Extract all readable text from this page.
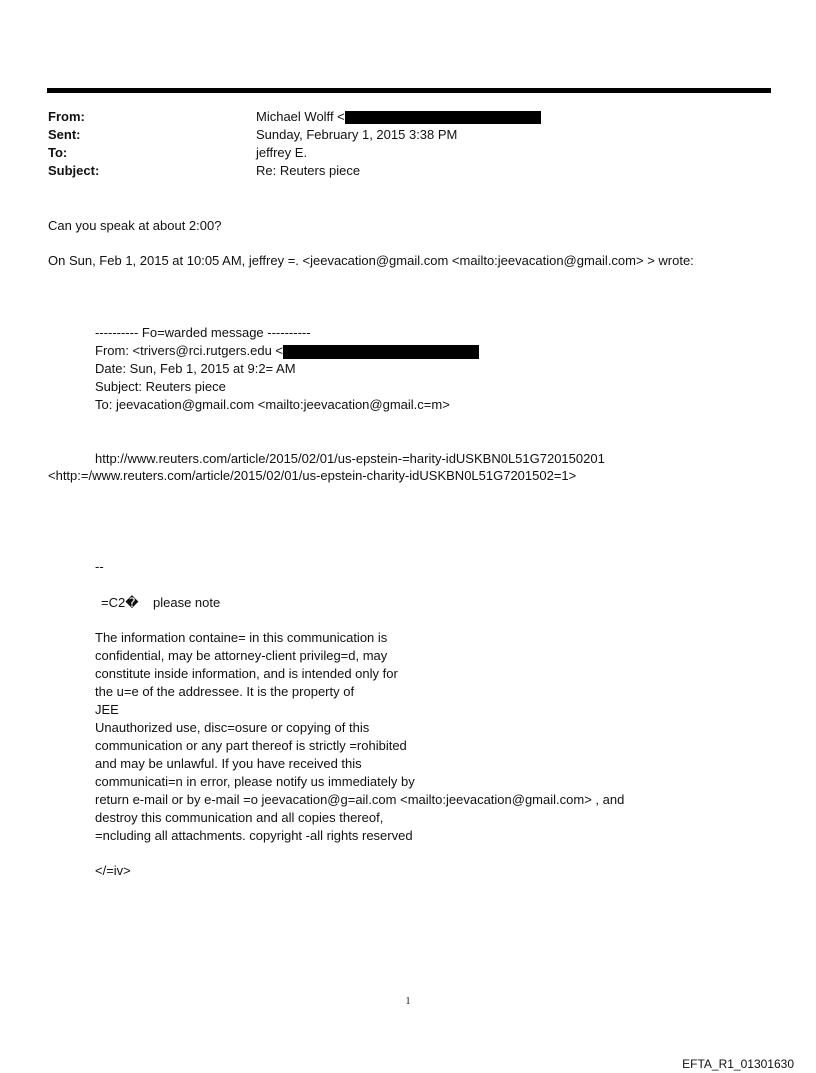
From:	Michael Wolff <
Sent:	Sunday, February 1, 2015 3:38 PM
To:	jeffrey E.
Subject:	Re: Reuters piece
Can you speak at about 2:00?
On Sun, Feb 1, 2015 at 10:05 AM, jeffrey =. <jeevacation@gmail.com <mailto:jeevacation@gmail.com> > wrote:
---------- Fo=warded message ----------
From: <trivers@rci.rutgers.edu <
Date: Sun, Feb 1, 2015 at 9:2= AM
Subject: Reuters piece
To: jeevacation@gmail.com <mailto:jeevacation@gmail.c=m>
http://www.reuters.com/article/2015/02/01/us-epstein-=harity-idUSKBN0L51G720150201
<http:=/www.reuters.com/article/2015/02/01/us-epstein-charity-idUSKBN0L51G7201502=1>
--
=C2�    please note
The information containe= in this communication is
confidential, may be attorney-client privileg=d, may
constitute inside information, and is intended only for
the u=e of the addressee. It is the property of
JEE
Unauthorized use, disc=osure or copying of this
communication or any part thereof is strictly =rohibited
and may be unlawful. If you have received this
communicati=n in error, please notify us immediately by
return e-mail or by e-mail =o jeevacation@g=ail.com <mailto:jeevacation@gmail.com> , and
destroy this communication and all copies thereof,
=ncluding all attachments. copyright -all rights reserved
</=iv>
1
EFTA_R1_01301630
